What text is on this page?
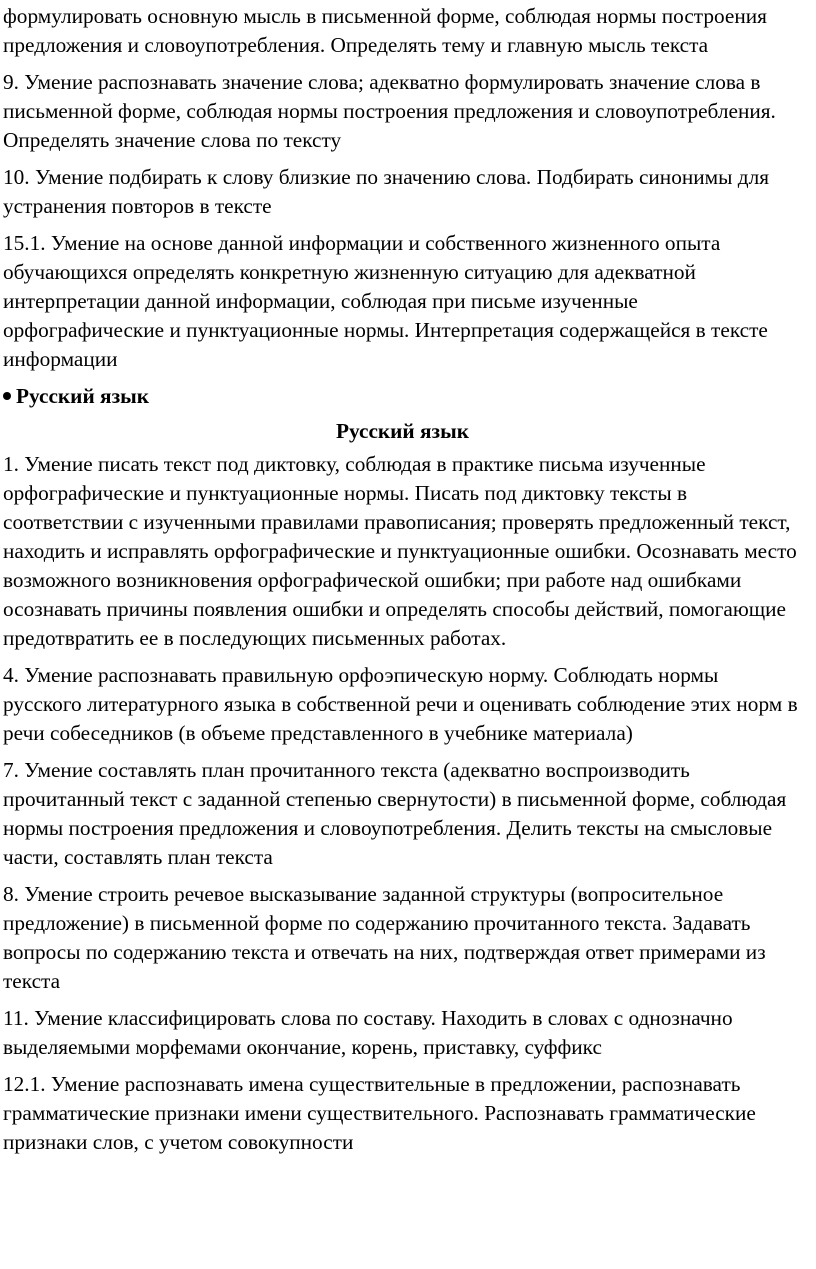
формулировать основную мысль в письменной форме, соблюдая нормы построения предложения и словоупотребления. Определять тему и главную мысль текста

9. Умение распознавать значение слова; адекватно формулировать значение слова в письменной форме, соблюдая нормы построения предложения и словоупотребления. Определять значение слова по тексту

10. Умение подбирать к слову близкие по значению слова. Подбирать синонимы для устранения повторов в тексте

15.1. Умение на основе данной информации и собственного жизненного опыта обучающихся определять конкретную жизненную ситуацию для адекватной интерпретации данной информации, соблюдая при письме изученные орфографические и пунктуационные нормы. Интерпретация содержащейся в тексте информации

Русский язык
Русский язык

1. Умение писать текст под диктовку, соблюдая в практике письма изученные орфографические и пунктуационные нормы. Писать под диктовку тексты в соответствии с изученными правилами правописания; проверять предложенный текст, находить и исправлять орфографические и пунктуационные ошибки. Осознавать место возможного возникновения орфографической ошибки; при работе над ошибками осознавать причины появления ошибки и определять способы действий, помогающие предотвратить ее в последующих письменных работах.

4. Умение распознавать правильную орфоэпическую норму. Соблюдать нормы русского литературного языка в собственной речи и оценивать соблюдение этих норм в речи собеседников (в объеме представленного в учебнике материала)

7. Умение составлять план прочитанного текста (адекватно воспроизводить прочитанный текст с заданной степенью свернутости) в письменной форме, соблюдая нормы построения предложения и словоупотребления. Делить тексты на смысловые части, составлять план текста

8. Умение строить речевое высказывание заданной структуры (вопросительное предложение) в письменной форме по содержанию прочитанного текста. Задавать вопросы по содержанию текста и отвечать на них, подтверждая ответ примерами из текста

11. Умение классифицировать слова по составу. Находить в словах с однозначно выделяемыми морфемами окончание, корень, приставку, суффикс

12.1. Умение распознавать имена существительные в предложении, распознавать грамматические признаки имени существительного. Распознавать грамматические признаки слов, с учетом совокупности
